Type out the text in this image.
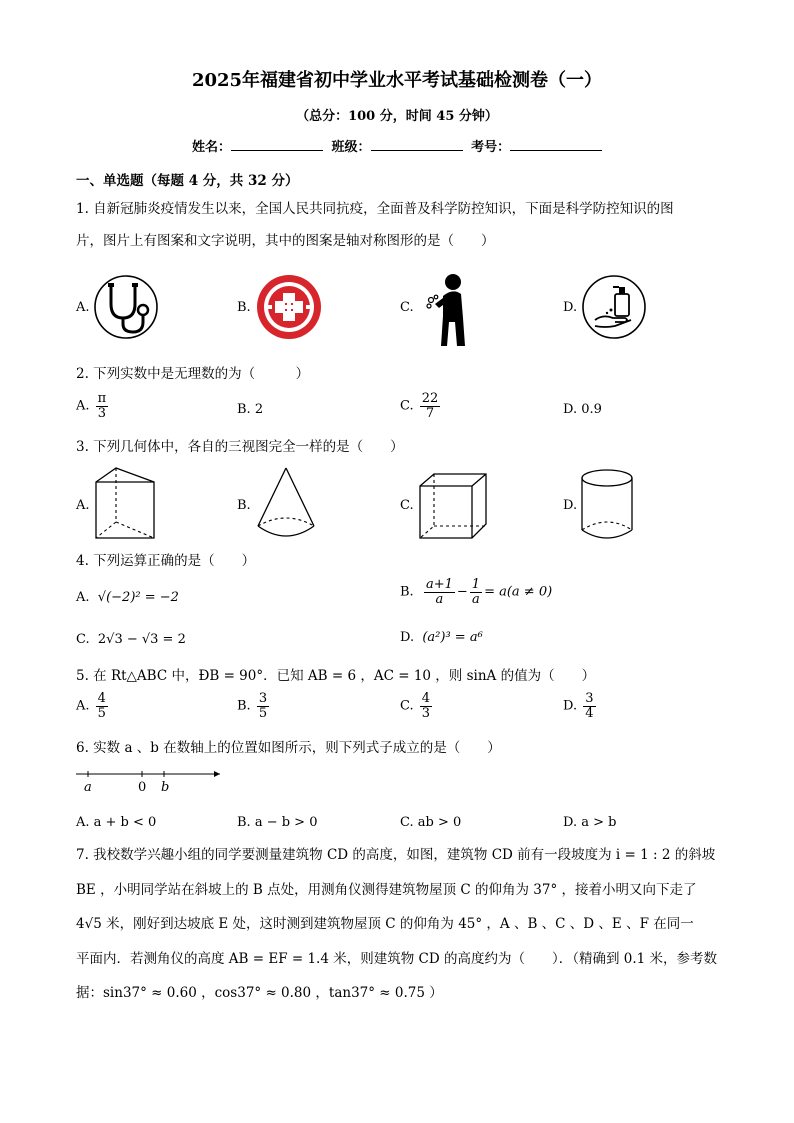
2025年福建省初中学业水平考试基础检测卷（一）
（总分：100 分，时间 45 分钟）
姓名：	班级：	考号：
一、单选题（每题 4 分，共 32 分）
1. 自新冠肺炎疫情发生以来，全国人民共同抗疫，全面普及科学防控知识，下面是科学防控知识的图
片，图片上有图案和文字说明，其中的图案是轴对称图形的是（　　）
A.	B.	C.	D.
2. 下列实数中是无理数的为（　　　）
A. $\frac{\pi}{3}$	B. 2	C. $\frac{22}{7}$	D. 0.9
3. 下列几何体中，各自的三视图完全一样的是（　　）
A.	B.	C.	D.
4. 下列运算正确的是（　　）
A. √(−2)² = −2	B. $\frac{a+1}{a} - \frac{1}{a} = a(a \ne 0)$
C. 2√3 − √3 = 2	D. (a²)³ = a⁶
5. 在 Rt△ABC 中，ÐB = 90°．已知 AB = 6 ，AC = 10 ，则 sinA 的值为（　　）
A. $\frac{4}{5}$	B. $\frac{3}{5}$	C. $\frac{4}{3}$	D. $\frac{3}{4}$
6. 实数 a 、b 在数轴上的位置如图所示，则下列式子成立的是（　　）
a	0 b
A. a + b < 0	B. a − b > 0	C. ab > 0	D. a > b
7. 我校数学兴趣小组的同学要测量建筑物 CD 的高度，如图，建筑物 CD 前有一段坡度为 i = 1 : 2 的斜坡
BE ，小明同学站在斜坡上的 B 点处，用测角仪测得建筑物屋顶 C 的仰角为 37° ，接着小明又向下走了
4√5 米，刚好到达坡底 E 处，这时测到建筑物屋顶 C 的仰角为 45° ，A 、B 、C 、D 、E 、F 在同一
平面内．若测角仪的高度 AB = EF = 1.4 米，则建筑物 CD 的高度约为（　　）．（精确到 0.1 米，参考数
据：sin37° ≈ 0.60 ，cos37° ≈ 0.80 ，tan37° ≈ 0.75 ）
